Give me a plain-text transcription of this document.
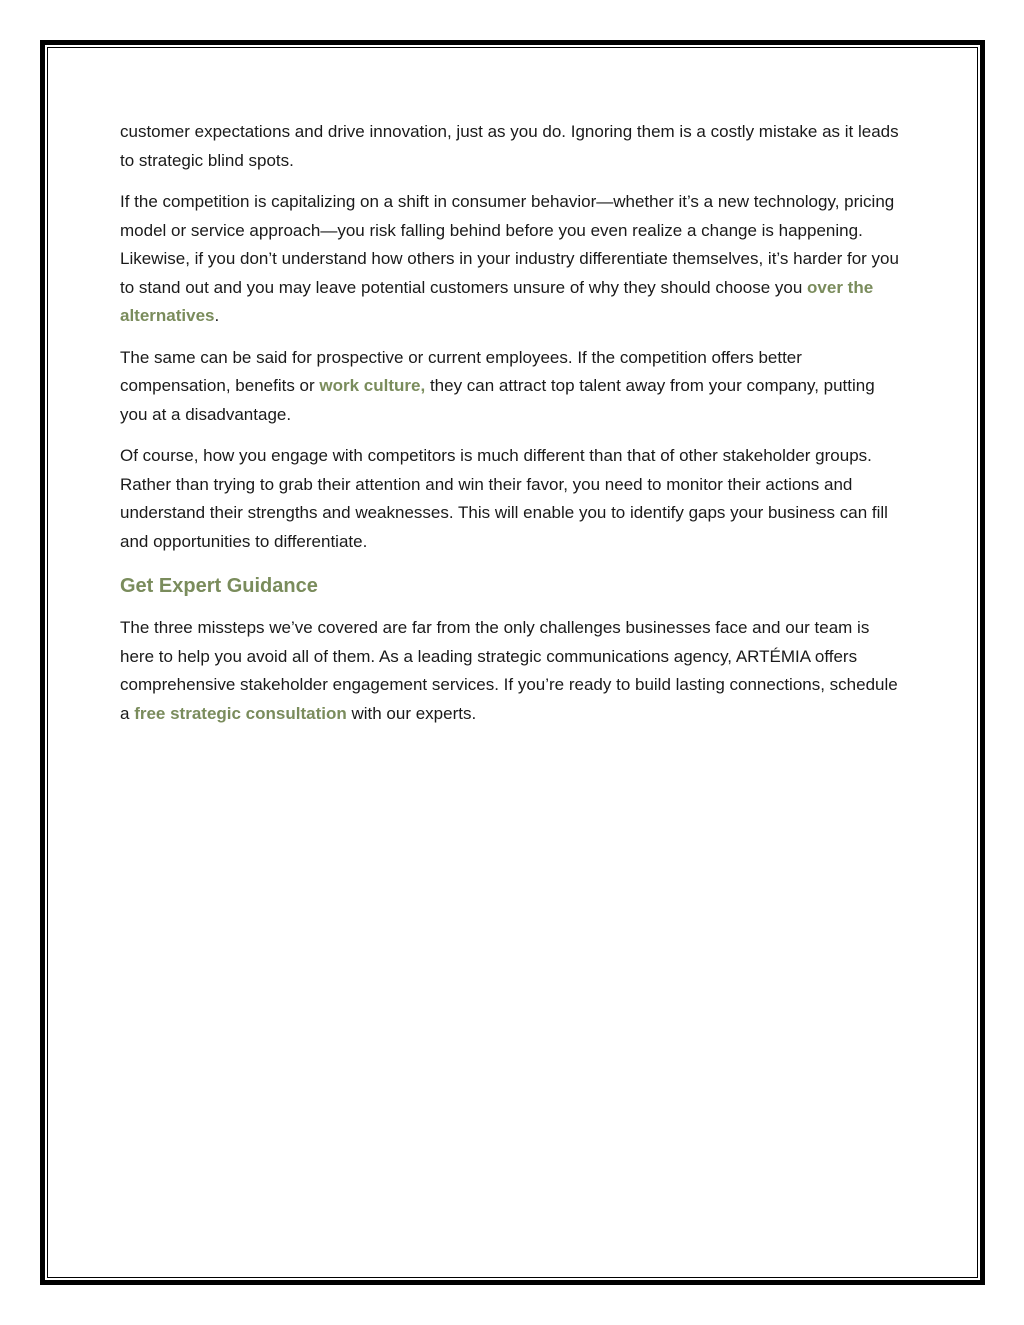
customer expectations and drive innovation, just as you do. Ignoring them is a costly mistake as it leads to strategic blind spots.

If the competition is capitalizing on a shift in consumer behavior—whether it’s a new technology, pricing model or service approach—you risk falling behind before you even realize a change is happening. Likewise, if you don’t understand how others in your industry differentiate themselves, it’s harder for you to stand out and you may leave potential customers unsure of why they should choose you over the alternatives.

The same can be said for prospective or current employees. If the competition offers better compensation, benefits or work culture, they can attract top talent away from your company, putting you at a disadvantage.

Of course, how you engage with competitors is much different than that of other stakeholder groups. Rather than trying to grab their attention and win their favor, you need to monitor their actions and understand their strengths and weaknesses. This will enable you to identify gaps your business can fill and opportunities to differentiate.

Get Expert Guidance

The three missteps we’ve covered are far from the only challenges businesses face and our team is here to help you avoid all of them. As a leading strategic communications agency, ARTÉMIA offers comprehensive stakeholder engagement services. If you’re ready to build lasting connections, schedule a free strategic consultation with our experts.
